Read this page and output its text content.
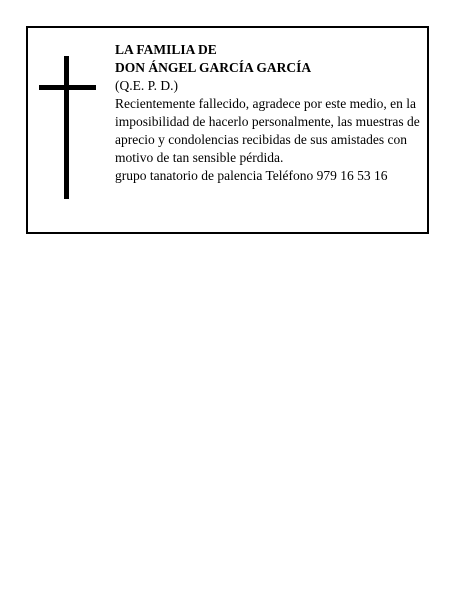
LA FAMILIA DE
DON ÁNGEL GARCÍA GARCÍA
(Q.E. P. D.)
Recientemente fallecido, agradece por este medio, en la imposibilidad de hacerlo personalmente, las muestras de aprecio y condolencias recibidas de sus amistades con motivo de tan sensible pérdida.
grupo tanatorio de palencia Teléfono 979 16 53 16
